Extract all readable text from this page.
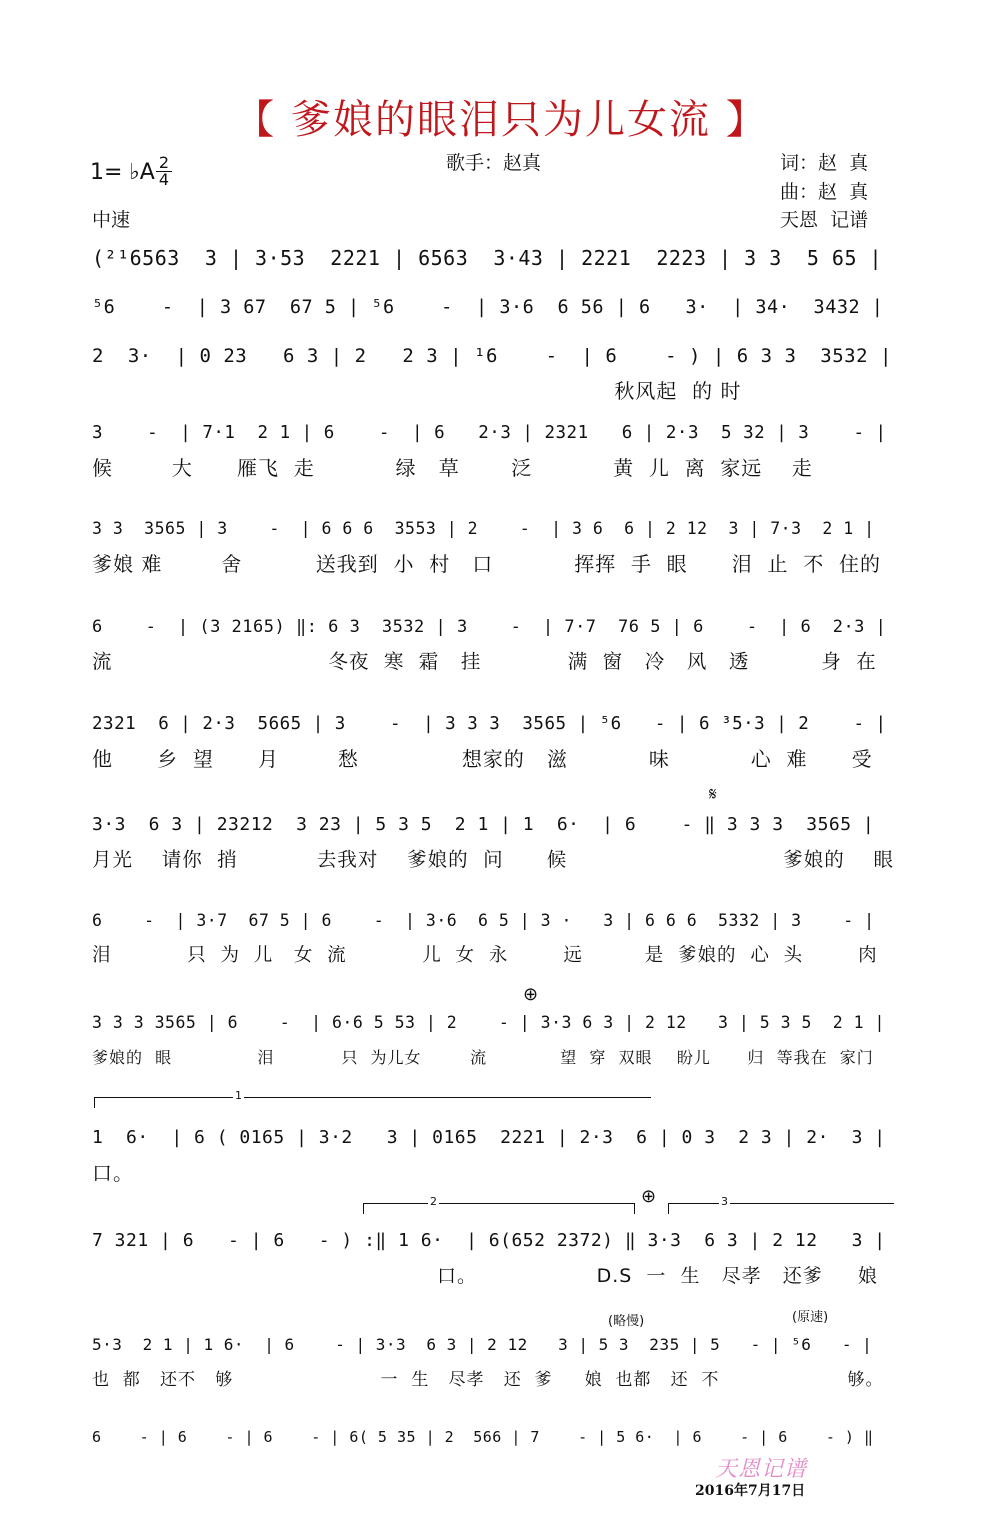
【 爹娘的眼泪只为儿女流 】
1= ♭A 2
4
中速
歌手：赵真	词：赵  真
曲：赵  真
天恩  记谱
(²¹6563  3 | 3·53  2221 | 6563  3·43 | 2221  2223 | 3 3  5 65 |
⁵6    -  | 3 67  67 5 | ⁵6    -  | 3·6  6 56 | 6   3·  | 34·  3432 |
2  3·  | 0 23   6 3 | 2   2 3 | ¹6    -  | 6    - ) | 6 3 3  3532 |
秋风起  的 时
3    -  | 7·1  2 1 | 6    -  | 6   2·3 | 2321   6 | 2·3  5 32 | 3    - |
候        大      雁飞  走           绿   草       泛           黄  儿  离  家远    走
3 3  3565 | 3    -  | 6 6 6  3553 | 2    -  | 3 6  6 | 2 12  3 | 7·3  2 1 |
爹娘 难        舍          送我到  小  村   口           挥挥  手  眼      泪  止  不  住的
6    -  | (3 2165) ‖: 6 3  3532 | 3    -  | 7·7  76 5 | 6    -  | 6  2·3 |
流                              冬夜  寒  霜   挂            满  窗   冷   风   透          身  在
2321  6 | 2·3  5665 | 3    -  | 3 3 3  3565 | ⁵6   - | 6 ³5·3 | 2    - |
他      乡  望      月        愁              想家的   滋           味           心  难      受
3·3  6 3 | 23212  3 23 | 5 3 5  2 1 | 1  6·  | 6    - ‖ 3 3 3  3565 |
月光    请你  捎           去我对    爹娘的  问      候                              爹娘的    眼
6    -  | 3·7  67 5 | 6    -  | 3·6  6 5 | 3 ·   3 | 6 6 6  5332 | 3    - |
泪           只  为  儿   女  流           儿  女  永        远         是  爹娘的  心  头        肉
3 3 3 3565 | 6    -  | 6·6 5 53 | 2    - | 3·3 6 3 | 2 12   3 | 5 3 5  2 1 |
爹娘的  眼              泪           只  为儿女        流            望  穿  双眼    盼儿      归  等我在  家门
1  6·  | 6 ( 0165 | 3·2   3 | 0165  2221 | 2·3  6 | 0 3  2 3 | 2·  3 |
口。
7 321 | 6   - | 6   - ) :‖ 1 6·  | 6(652 2372) ‖ 3·3  6 3 | 2 12   3 |
口。                 D.S  一  生   尽孝   还爹     娘
5·3  2 1 | 1 6·  | 6    - | 3·3  6 3 | 2 12   3 | 5 3  235 | 5   - | ⁵6   - |
也  都   还不   够                       一  生   尽孝   还  爹     娘  也都   还  不                    够。
6    - | 6    - | 6    - | 6( 5 35 | 2  566 | 7    - | 5 6·  | 6    - | 6    - ) ‖
1
2	3
𝄋
⊕
⊕
(略慢)	(原速)
天恩记谱
2016年7月17日
